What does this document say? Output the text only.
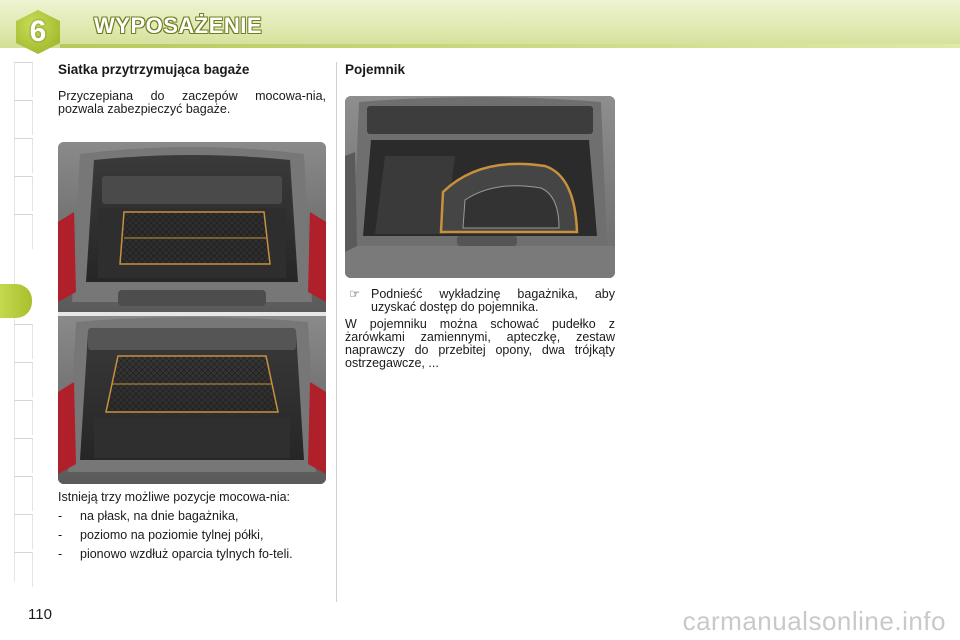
6	WYPOSAŻENIE
Siatka przytrzymująca bagaże

Przyczepiana do zaczepów mocowa-nia, pozwala zabezpieczyć bagaże.

Istnieją trzy możliwe pozycje mocowa-nia:

-	na płask, na dnie bagażnika,
-	poziomo na poziomie tylnej półki,
-	pionowo wzdłuż oparcia tylnych fo-teli.
Pojemnik
☞ Podnieść wykładzinę bagażnika, aby uzyskać dostęp do pojemnika.

W pojemniku można schować pudełko z żarówkami zamiennymi, apteczkę, zestaw naprawczy do przebitej opony, dwa trójkąty ostrzegawcze, ...

110	carmanualsonline.info
